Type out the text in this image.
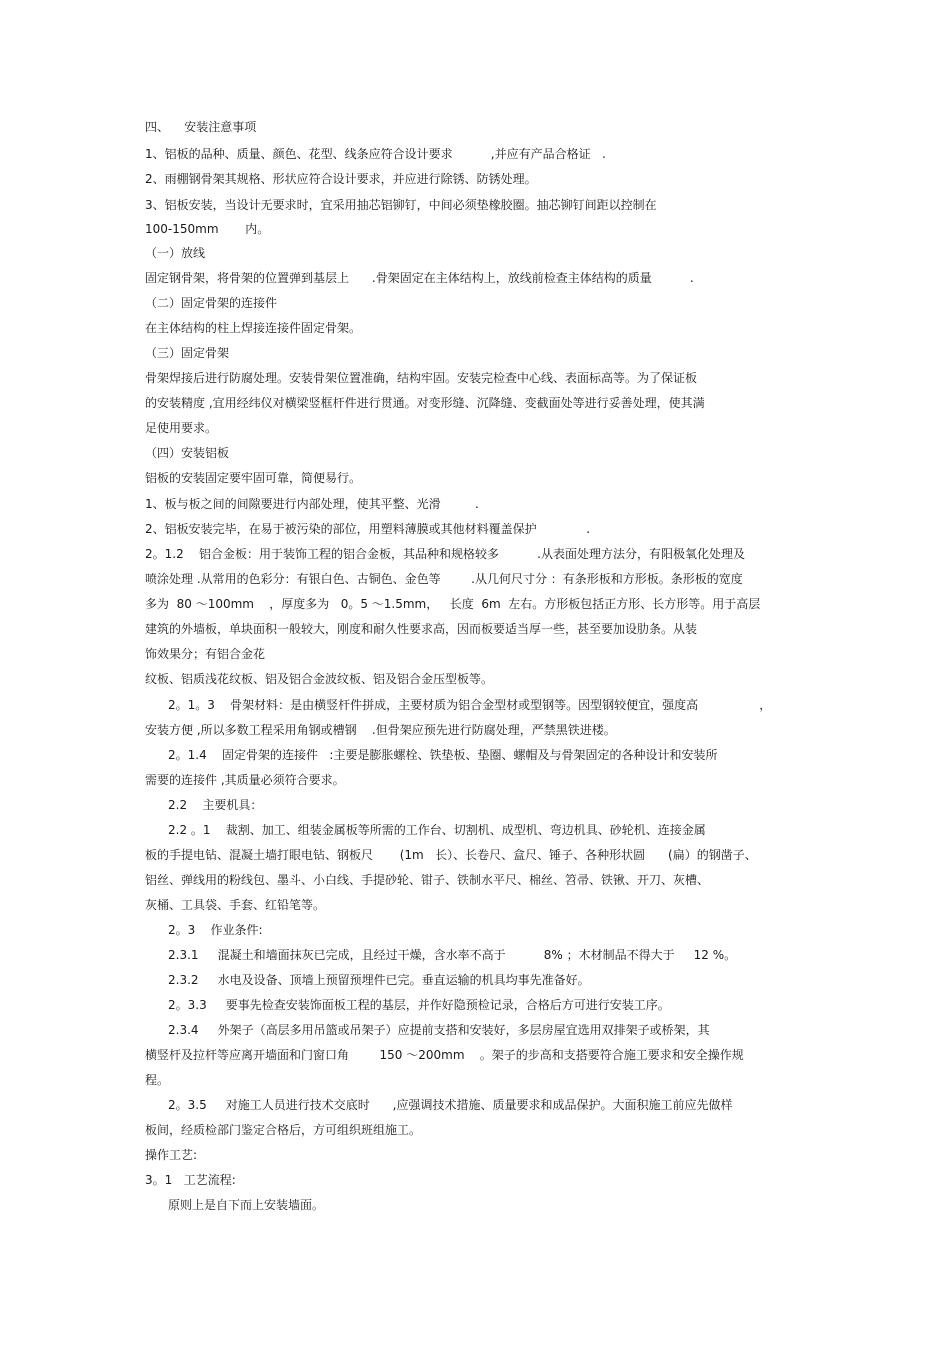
四、    安装注意事项
1、铝板的品种、质量、颜色、花型、线条应符合设计要求          ,并应有产品合格证   .
2、雨棚钢骨架其规格、形状应符合设计要求，并应进行除锈、防锈处理。
3、铝板安装，当设计无要求时，宜采用抽芯铝铆钉，中间必须垫橡胶圈。抽芯铆钉间距以控制在
100-150mm       内。
（一）放线
固定钢骨架，将骨架的位置弹到基层上      .骨架固定在主体结构上，放线前检查主体结构的质量          .
（二）固定骨架的连接件
在主体结构的柱上焊接连接件固定骨架。
（三）固定骨架
骨架焊接后进行防腐处理。安装骨架位置准确，结构牢固。安装完检查中心线、表面标高等。为了保证板
的安装精度 ,宜用经纬仪对横梁竖框杆件进行贯通。对变形缝、沉降缝、变截面处等进行妥善处理，使其满
足使用要求。
（四）安装铝板
铝板的安装固定要牢固可靠，简便易行。
1、板与板之间的间隙要进行内部处理，使其平整、光滑         .
2、铝板安装完毕，在易于被污染的部位，用塑料薄膜或其他材料覆盖保护             .
2。1.2    铝合金板：用于装饰工程的铝合金板，其品种和规格较多          .从表面处理方法分，有阳极氧化处理及
喷涂处理 .从常用的色彩分：有银白色、古铜色、金色等        .从几何尺寸分 ：有条形板和方形板。条形板的宽度
多为  80 ～100mm    ，厚度多为   0。5 ～1.5mm，   长度  6m  左右。方形板包括正方形、长方形等。用于高层
建筑的外墙板，单块面积一般较大，刚度和耐久性要求高，因而板要适当厚一些，甚至要加设肋条。从装
饰效果分；有铝合金花
纹板、铝质浅花纹板、铝及铝合金波纹板、铝及铝合金压型板等。
2。1。3    骨架材料：是由横竖杆件拼成，主要材质为铝合金型材或型钢等。因型钢较便宜，强度高                ，
安装方便 ,所以多数工程采用角钢或槽钢    .但骨架应预先进行防腐处理，严禁黑铁进楼。
2。1.4    固定骨架的连接件   :主要是膨胀螺栓、铁垫板、垫圈、螺帽及与骨架固定的各种设计和安装所
需要的连接件 ,其质量必须符合要求。
2.2    主要机具：
2.2 。1    裁割、加工、组装金属板等所需的工作台、切割机、成型机、弯边机具、砂轮机、连接金属
板的手提电钻、混凝土墙打眼电钻、钢板尺       (1m   长）、长卷尺、盒尺、锤子、各种形状圆      (扁）的钢凿子、
铝丝、弹线用的粉线包、墨斗、小白线、手提砂轮、钳子、铁制水平尺、棉丝、笤帚、铁锹、开刀、灰槽、
灰桶、工具袋、手套、红铅笔等。
2。3    作业条件:
2.3.1     混凝土和墙面抹灰已完成，且经过干燥，含水率不高于          8% ；木材制品不得大于     12 %。
2.3.2     水电及设备、顶墙上预留预埋件已完。垂直运输的机具均事先准备好。
2。3.3     要事先检查安装饰面板工程的基层，并作好隐预检记录，合格后方可进行安装工序。
2.3.4     外架子（高层多用吊篮或吊架子）应提前支搭和安装好，多层房屋宜选用双排架子或桥架，其
横竖杆及拉杆等应离开墙面和门窗口角        150 ～200mm    。架子的步高和支搭要符合施工要求和安全操作规
程。
2。3.5     对施工人员进行技术交底时      ,应强调技术措施、质量要求和成品保护。大面积施工前应先做样
板间，经质检部门鉴定合格后，方可组织班组施工。
操作工艺:
3。1   工艺流程:
原则上是自下而上安装墙面。
